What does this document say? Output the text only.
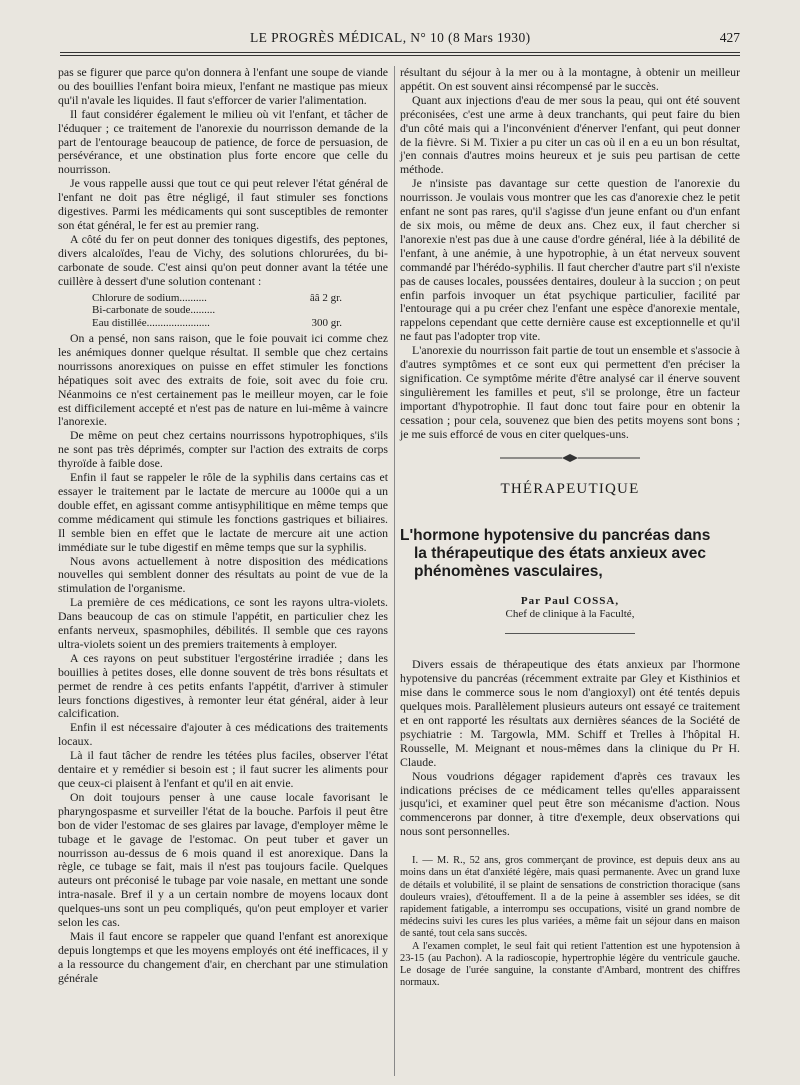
LE PROGRÈS MÉDICAL, N° 10 (8 Mars 1930)	427

pas se figurer que parce qu'on donnera à l'enfant une soupe de viande ou des bouillies l'enfant boira mieux, l'enfant ne mastique pas mieux qu'il n'avale les liquides. Il faut s'efforcer de varier l'alimentation.

Il faut considérer également le milieu où vit l'enfant, et tâcher de l'éduquer ; ce traitement de l'anorexie du nourrisson demande de la part de l'entourage beaucoup de patience, de force de persuasion, de persévérance, et une obstination plus forte encore que celle du nourrisson.

Je vous rappelle aussi que tout ce qui peut relever l'état général de l'enfant ne doit pas être négligé, il faut stimuler ses fonctions digestives. Parmi les médicaments qui sont susceptibles de remonter son état général, le fer est au premier rang.

A côté du fer on peut donner des toniques digestifs, des peptones, divers alcaloïdes, l'eau de Vichy, des solutions chlorurées, du bi-carbonate de soude. C'est ainsi qu'on peut donner avant la tétée une cuillère à dessert d'une solution contenant :

Chlorure de sodium..........	ââ 2 gr.
Bi-carbonate de soude.........
Eau distillée.......................	300 gr.

On a pensé, non sans raison, que le foie pouvait ici comme chez les anémiques donner quelque résultat. Il semble que chez certains nourrissons anorexiques on puisse en effet stimuler les fonctions hépatiques soit avec des extraits de foie, soit avec du foie cru. Néanmoins ce n'est certainement pas le meilleur moyen, car le foie est difficilement accepté et n'est pas de nature en lui-même à vaincre l'anorexie.

De même on peut chez certains nourrissons hypotrophiques, s'ils ne sont pas très déprimés, compter sur l'action des extraits de corps thyroïde à faible dose.

Enfin il faut se rappeler le rôle de la syphilis dans certains cas et essayer le traitement par le lactate de mercure au 1000e qui a un double effet, en agissant comme antisyphilitique en même temps que comme médicament qui stimule les fonctions gastriques et biliaires. Il semble bien en effet que le lactate de mercure ait une action immédiate sur le tube digestif en même temps que sur la syphilis.

Nous avons actuellement à notre disposition des médications nouvelles qui semblent donner des résultats au point de vue de la stimulation de l'organisme.

La première de ces médications, ce sont les rayons ultra-violets. Dans beaucoup de cas on stimule l'appétit, en particulier chez les enfants nerveux, spasmophiles, débilités. Il semble que ces rayons ultra-violets soient un des premiers traitements à employer.

A ces rayons on peut substituer l'ergostérine irradiée ; dans les bouillies à petites doses, elle donne souvent de très bons résultats et permet de rendre à ces petits enfants l'appétit, d'arriver à stimuler leurs fonctions digestives, à remonter leur état général, aider à leur calcification.

Enfin il est nécessaire d'ajouter à ces médications des traitements locaux.

Là il faut tâcher de rendre les tétées plus faciles, observer l'état dentaire et y remédier si besoin est ; il faut sucrer les aliments pour que ceux-ci plaisent à l'enfant et qu'il en ait envie.

On doit toujours penser à une cause locale favorisant le pharyngospasme et surveiller l'état de la bouche. Parfois il peut être bon de vider l'estomac de ses glaires par lavage, d'employer même le tubage et le gavage de l'estomac. On peut tuber et gaver un nourrisson au-dessus de 6 mois quand il est anorexique. Dans la règle, ce tubage se fait, mais il n'est pas toujours facile. Quelques auteurs ont préconisé le tubage par voie nasale, en mettant une sonde intra-nasale. Bref il y a un certain nombre de moyens locaux dont quelques-uns sont un peu compliqués, qu'on peut employer et varier selon les cas.

Mais il faut encore se rappeler que quand l'enfant est anorexique depuis longtemps et que les moyens employés ont été inefficaces, il y a la ressource du changement d'air, en cherchant par une stimulation générale

résultant du séjour à la mer ou à la montagne, à obtenir un meilleur appétit. On est souvent ainsi récompensé par le succès.

Quant aux injections d'eau de mer sous la peau, qui ont été souvent préconisées, c'est une arme à deux tranchants, qui peut faire du bien d'un côté mais qui a l'inconvénient d'énerver l'enfant, qui peut donner de la fièvre. Si M. Tixier a pu citer un cas où il en a eu un bon résultat, j'en connais d'autres moins heureux et je suis peu partisan de cette méthode.

Je n'insiste pas davantage sur cette question de l'anorexie du nourrisson. Je voulais vous montrer que les cas d'anorexie chez le petit enfant ne sont pas rares, qu'il s'agisse d'un jeune enfant ou d'un enfant de six mois, ou même de deux ans. Chez eux, il faut chercher si l'anorexie n'est pas due à une cause d'ordre général, liée à la débilité de l'enfant, à une anémie, à une hypotrophie, à un état nerveux souvent commandé par l'hérédo-syphilis. Il faut chercher d'autre part s'il n'existe pas de causes locales, poussées dentaires, douleur à la succion ; on peut enfin parfois invoquer un état psychique particulier, facilité par l'entourage qui a pu créer chez l'enfant une espèce d'anorexie mentale, rappelons cependant que cette dernière cause est exceptionnelle et qu'il ne faut pas l'adopter trop vite.

L'anorexie du nourrisson fait partie de tout un ensemble et s'associe à d'autres symptômes et ce sont eux qui permettent d'en préciser la signification. Ce symptôme mérite d'être analysé car il énerve souvent singulièrement les familles et peut, s'il se prolonge, être un facteur important d'hypotrophie. Il faut donc tout faire pour en obtenir la cessation ; pour cela, souvenez que bien des petits moyens sont bons ; je me suis efforcé de vous en citer quelques-uns.

THÉRAPEUTIQUE
L'hormone hypotensive du pancréas dans
la thérapeutique des états anxieux avec
phénomènes vasculaires,
Par Paul COSSA,
Chef de clinique à la Faculté,

Divers essais de thérapeutique des états anxieux par l'hormone hypotensive du pancréas (récemment extraite par Gley et Kisthinios et mise dans le commerce sous le nom d'angioxyl) ont été tentés depuis quelques mois. Parallèlement plusieurs auteurs ont essayé ce traitement et en ont rapporté les résultats aux dernières séances de la Société de psychiatrie : M. Targowla, MM. Schiff et Trelles à l'hôpital H. Rousselle, M. Meignant et nous-mêmes dans la clinique du Pr H. Claude.

Nous voudrions dégager rapidement d'après ces travaux les indications précises de ce médicament telles qu'elles apparaissent jusqu'ici, et examiner quel peut être son mécanisme d'action. Nous commencerons par donner, à titre d'exemple, deux observations qui nous sont personnelles.

I. — M. R., 52 ans, gros commerçant de province, est depuis deux ans au moins dans un état d'anxiété légère, mais quasi permanente. Avec un grand luxe de détails et volubilité, il se plaint de sensations de constriction thoracique (sans douleurs vraies), d'étouffement. Il a de la peine à assembler ses idées, se dit rapidement fatigable, a interrompu ses occupations, visité un grand nombre de médecins suivi les cures les plus variées, a même fait un séjour dans en maison de santé, tout cela sans succès.

A l'examen complet, le seul fait qui retient l'attention est une hypotension à 23-15 (au Pachon). A la radioscopie, hypertrophie légère du ventricule gauche. Le dosage de l'urée sanguine, la constante d'Ambard, montrent des chiffres normaux.
